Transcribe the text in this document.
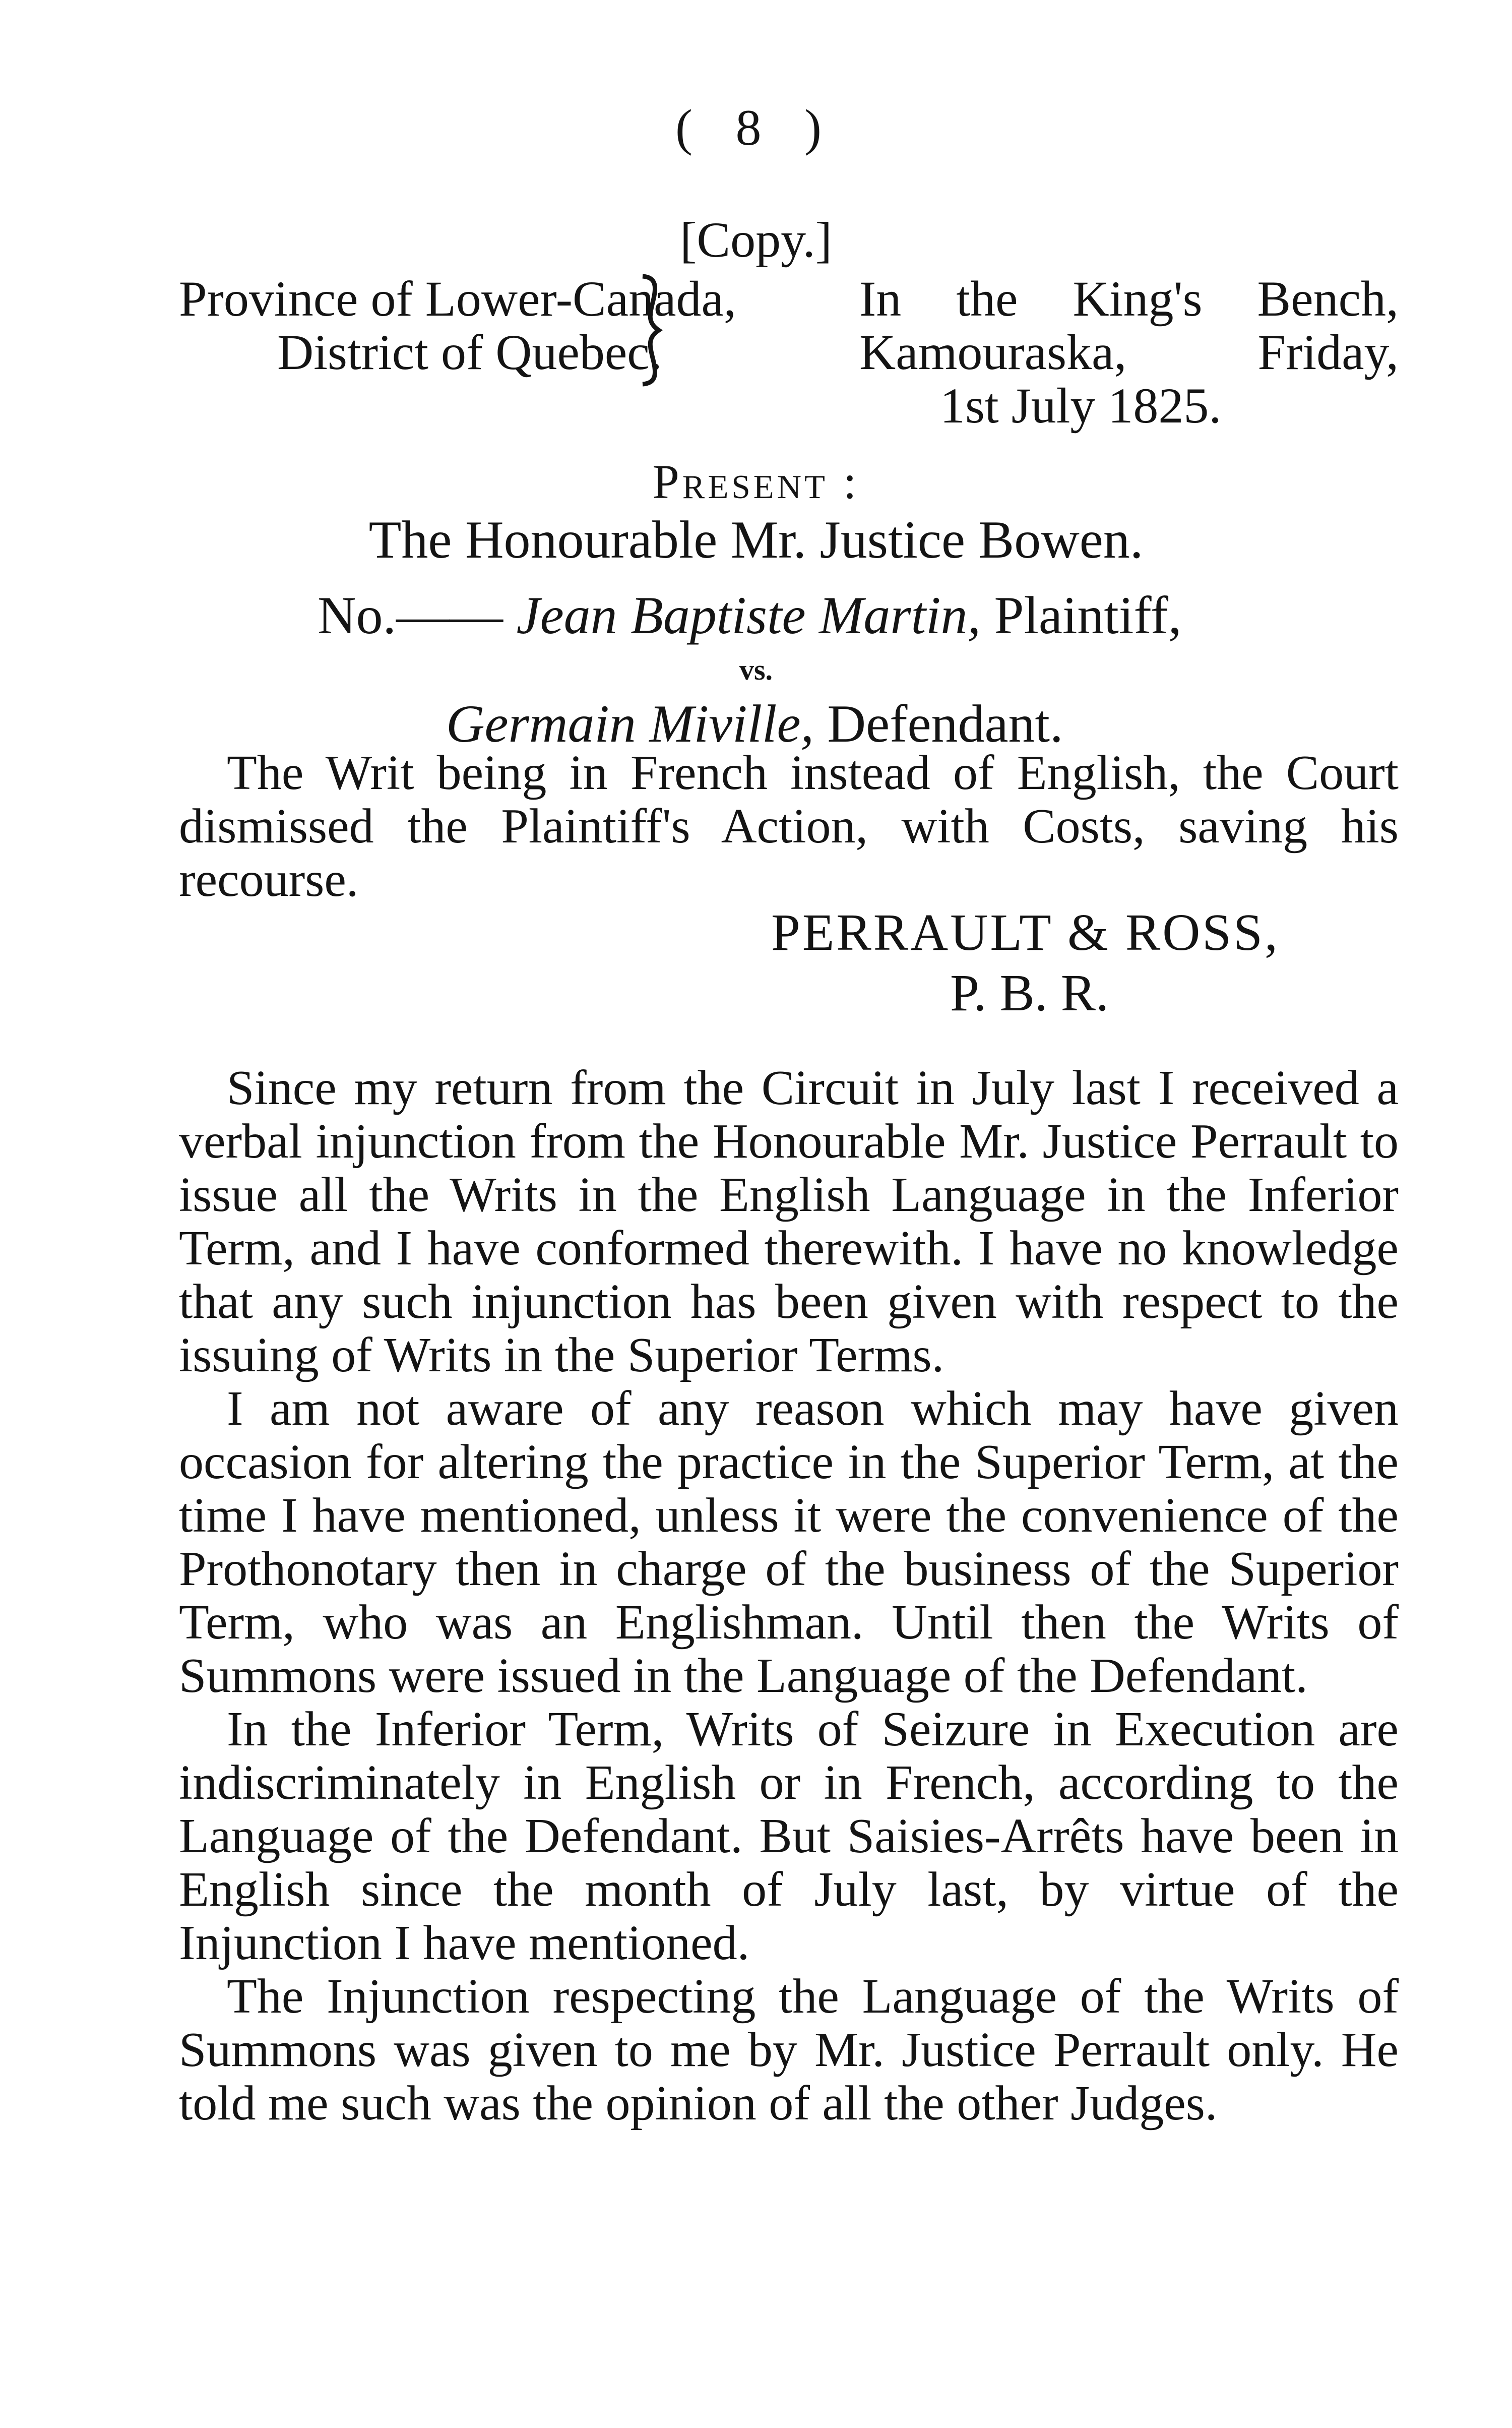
( 8 )
[Copy.]
Province of Lower-Canada, In the King's Bench,
District of Quebec.	Kamouraska, Friday,
1st July 1825.
Present :
The Honourable Mr. Justice Bowen.
No.—— Jean Baptiste Martin, Plaintiff,
vs.
Germain Miville, Defendant.

The Writ being in French instead of English, the Court dismissed the Plaintiff's Action, with Costs, saving his recourse.

PERRAULT & ROSS,
P. B. R.

Since my return from the Circuit in July last I received a verbal injunction from the Honourable Mr. Justice Perrault to issue all the Writs in the English Language in the Inferior Term, and I have conformed therewith. I have no knowledge that any such injunction has been given with respect to the issuing of Writs in the Superior Terms.

I am not aware of any reason which may have given occasion for altering the practice in the Superior Term, at the time I have mentioned, unless it were the convenience of the Prothonotary then in charge of the business of the Superior Term, who was an Englishman. Until then the Writs of Summons were issued in the Language of the Defendant.

In the Inferior Term, Writs of Seizure in Execution are indiscriminately in English or in French, according to the Language of the Defendant. But Saisies-Arrêts have been in English since the month of July last, by virtue of the Injunction I have mentioned.

The Injunction respecting the Language of the Writs of Summons was given to me by Mr. Justice Perrault only. He told me such was the opinion of all the other Judges.
